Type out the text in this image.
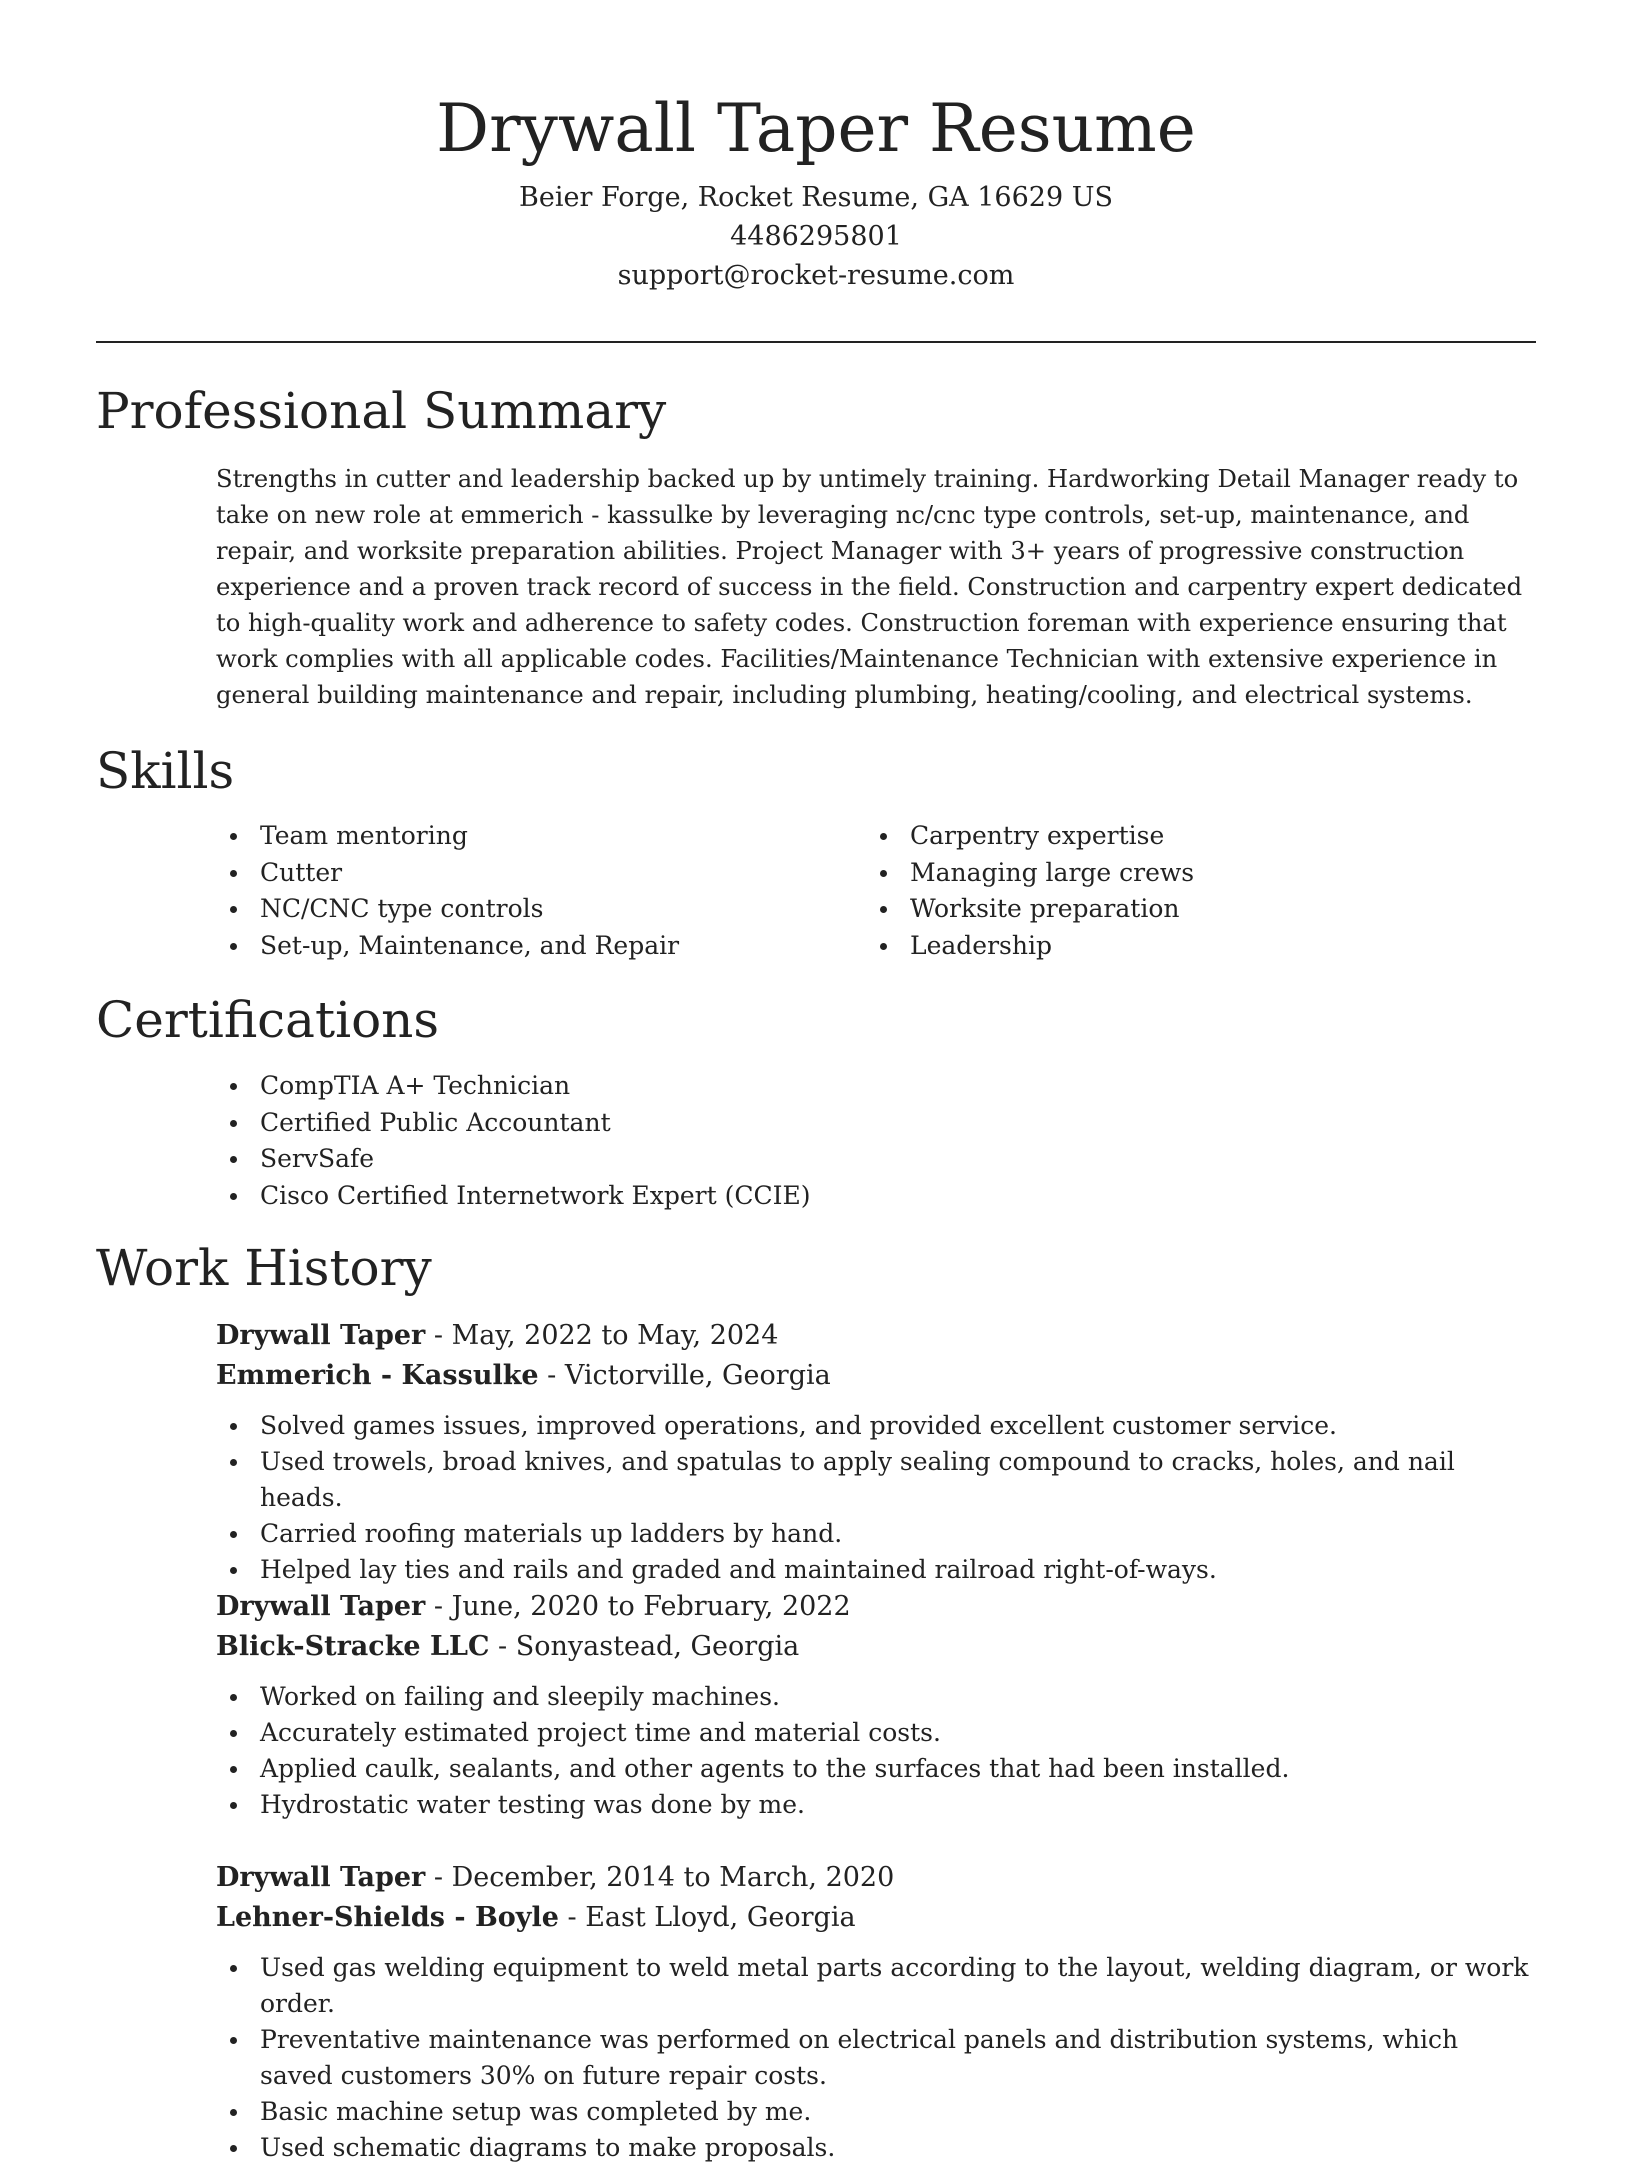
Drywall Taper Resume
Beier Forge, Rocket Resume, GA 16629 US
4486295801
support@rocket-resume.com
Professional Summary
Strengths in cutter and leadership backed up by untimely training. Hardworking Detail Manager ready to take on new role at emmerich - kassulke by leveraging nc/cnc type controls, set-up, maintenance, and repair, and worksite preparation abilities. Project Manager with 3+ years of progressive construction experience and a proven track record of success in the field. Construction and carpentry expert dedicated to high-quality work and adherence to safety codes. Construction foreman with experience ensuring that work complies with all applicable codes. Facilities/Maintenance Technician with extensive experience in general building maintenance and repair, including plumbing, heating/cooling, and electrical systems.
Skills
Team mentoring
Cutter
NC/CNC type controls
Set-up, Maintenance, and Repair
Carpentry expertise
Managing large crews
Worksite preparation
Leadership
Certifications
CompTIA A+ Technician
Certified Public Accountant
ServSafe
Cisco Certified Internetwork Expert (CCIE)
Work History
Drywall Taper - May, 2022 to May, 2024
Emmerich - Kassulke - Victorville, Georgia
Solved games issues, improved operations, and provided excellent customer service.
Used trowels, broad knives, and spatulas to apply sealing compound to cracks, holes, and nail heads.
Carried roofing materials up ladders by hand.
Helped lay ties and rails and graded and maintained railroad right-of-ways.
Drywall Taper - June, 2020 to February, 2022
Blick-Stracke LLC - Sonyastead, Georgia
Worked on failing and sleepily machines.
Accurately estimated project time and material costs.
Applied caulk, sealants, and other agents to the surfaces that had been installed.
Hydrostatic water testing was done by me.
Drywall Taper - December, 2014 to March, 2020
Lehner-Shields - Boyle - East Lloyd, Georgia
Used gas welding equipment to weld metal parts according to the layout, welding diagram, or work order.
Preventative maintenance was performed on electrical panels and distribution systems, which saved customers 30% on future repair costs.
Basic machine setup was completed by me.
Used schematic diagrams to make proposals.
